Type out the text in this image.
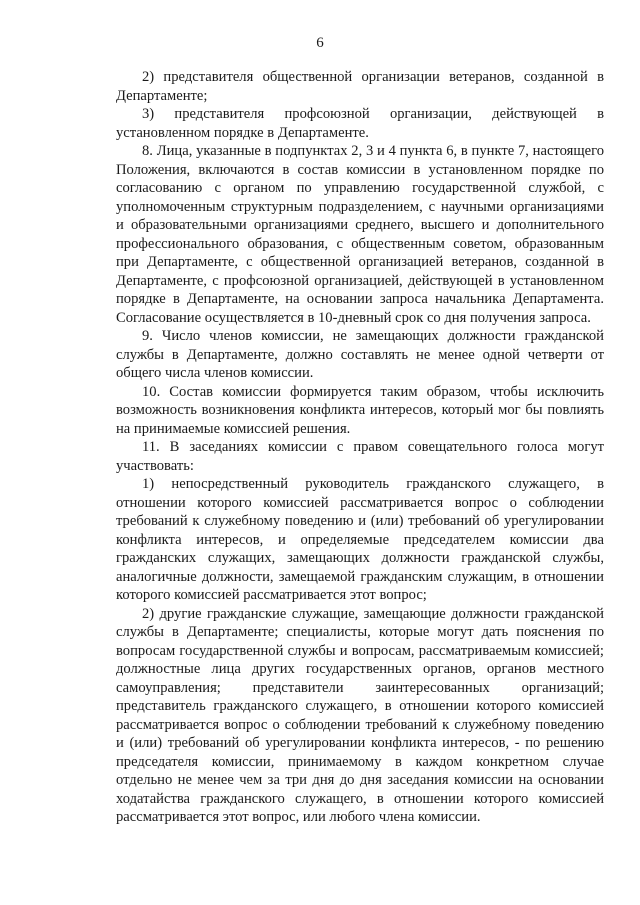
6

2) представителя общественной организации ветеранов, созданной в Департаменте;

3) представителя профсоюзной организации, действующей в установленном порядке в Департаменте.

8. Лица, указанные в подпунктах 2, 3 и 4 пункта 6, в пункте 7, настоящего Положения, включаются в состав комиссии в установленном порядке по согласованию с органом по управлению государственной службой, с уполномоченным структурным подразделением, с научными организациями и образовательными организациями среднего, высшего и дополнительного профессионального образования, с общественным советом, образованным при Департаменте, с общественной организацией ветеранов, созданной в Департаменте, с профсоюзной организацией, действующей в установленном порядке в Департаменте, на основании запроса начальника Департамента. Согласование осуществляется в 10-дневный срок со дня получения запроса.

9. Число членов комиссии, не замещающих должности гражданской службы в Департаменте, должно составлять не менее одной четверти от общего числа членов комиссии.

10. Состав комиссии формируется таким образом, чтобы исключить возможность возникновения конфликта интересов, который мог бы повлиять на принимаемые комиссией решения.

11. В заседаниях комиссии с правом совещательного голоса могут участвовать:

1) непосредственный руководитель гражданского служащего, в отношении которого комиссией рассматривается вопрос о соблюдении требований к служебному поведению и (или) требований об урегулировании конфликта интересов, и определяемые председателем комиссии два гражданских служащих, замещающих должности гражданской службы, аналогичные должности, замещаемой гражданским служащим, в отношении которого комиссией рассматривается этот вопрос;

2) другие гражданские служащие, замещающие должности гражданской службы в Департаменте; специалисты, которые могут дать пояснения по вопросам государственной службы и вопросам, рассматриваемым комиссией; должностные лица других государственных органов, органов местного самоуправления; представители заинтересованных организаций; представитель гражданского служащего, в отношении которого комиссией рассматривается вопрос о соблюдении требований к служебному поведению и (или) требований об урегулировании конфликта интересов, - по решению председателя комиссии, принимаемому в каждом конкретном случае отдельно не менее чем за три дня до дня заседания комиссии на основании ходатайства гражданского служащего, в отношении которого комиссией рассматривается этот вопрос, или любого члена комиссии.
